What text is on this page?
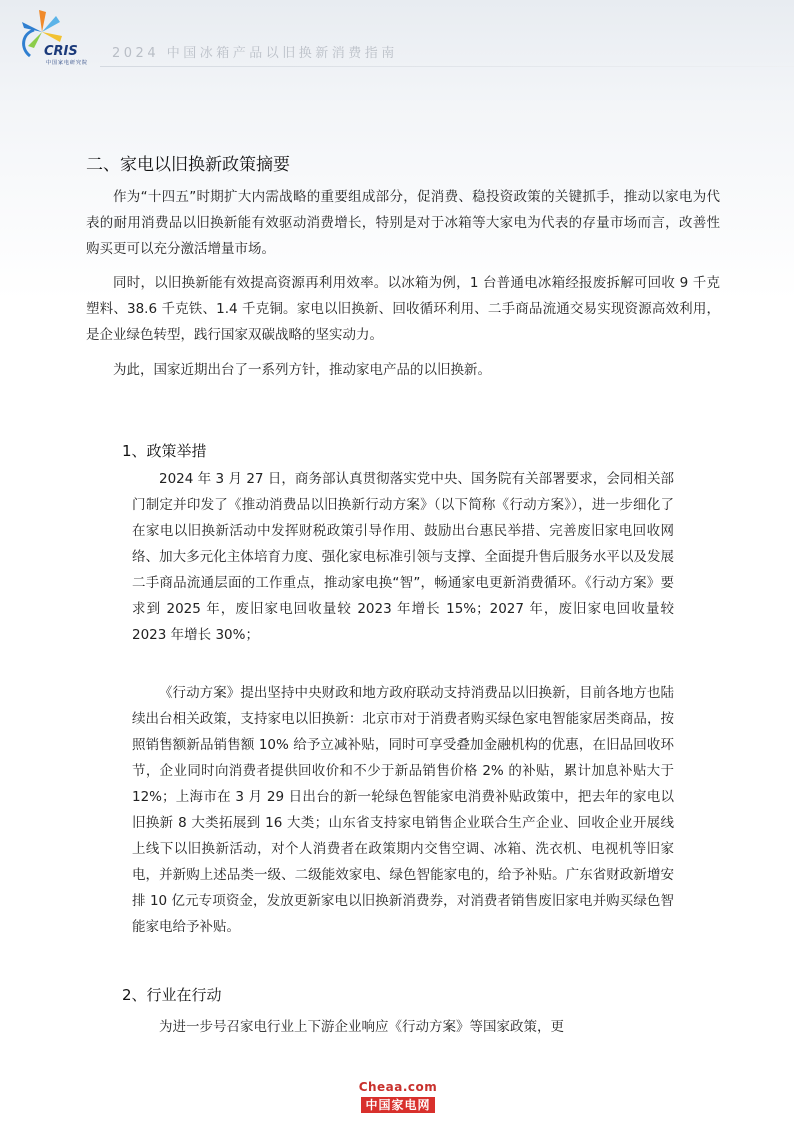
CRIS
中国家电研究院
2024 中国冰箱产品以旧换新消费指南
二、家电以旧换新政策摘要

作为“十四五”时期扩大内需战略的重要组成部分，促消费、稳投资政策的关键抓手，推动以家电为代表的耐用消费品以旧换新能有效驱动消费增长，特别是对于冰箱等大家电为代表的存量市场而言，改善性购买更可以充分激活增量市场。

同时，以旧换新能有效提高资源再利用效率。以冰箱为例，1 台普通电冰箱经报废拆解可回收 9 千克塑料、38.6 千克铁、1.4 千克铜。家电以旧换新、回收循环利用、二手商品流通交易实现资源高效利用，是企业绿色转型，践行国家双碳战略的坚实动力。

为此，国家近期出台了一系列方针，推动家电产品的以旧换新。

1、政策举措

2024 年 3 月 27 日，商务部认真贯彻落实党中央、国务院有关部署要求，会同相关部门制定并印发了《推动消费品以旧换新行动方案》（以下简称《行动方案》），进一步细化了在家电以旧换新活动中发挥财税政策引导作用、鼓励出台惠民举措、完善废旧家电回收网络、加大多元化主体培育力度、强化家电标准引领与支撑、全面提升售后服务水平以及发展二手商品流通层面的工作重点，推动家电换“智”，畅通家电更新消费循环。《行动方案》要求到 2025 年，废旧家电回收量较 2023 年增长 15%；2027 年，废旧家电回收量较 2023 年增长 30%；

《行动方案》提出坚持中央财政和地方政府联动支持消费品以旧换新，目前各地方也陆续出台相关政策，支持家电以旧换新：北京市对于消费者购买绿色家电智能家居类商品，按照销售额新品销售额 10% 给予立减补贴，同时可享受叠加金融机构的优惠，在旧品回收环节，企业同时向消费者提供回收价和不少于新品销售价格 2% 的补贴，累计加息补贴大于 12%；上海市在 3 月 29 日出台的新一轮绿色智能家电消费补贴政策中，把去年的家电以旧换新 8 大类拓展到 16 大类；山东省支持家电销售企业联合生产企业、回收企业开展线上线下以旧换新活动，对个人消费者在政策期内交售空调、冰箱、洗衣机、电视机等旧家电，并新购上述品类一级、二级能效家电、绿色智能家电的，给予补贴。广东省财政新增安排 10 亿元专项资金，发放更新家电以旧换新消费券，对消费者销售废旧家电并购买绿色智能家电给予补贴。

2、行业在行动

为进一步号召家电行业上下游企业响应《行动方案》等国家政策，更

Cheaa.com
中国家电网
